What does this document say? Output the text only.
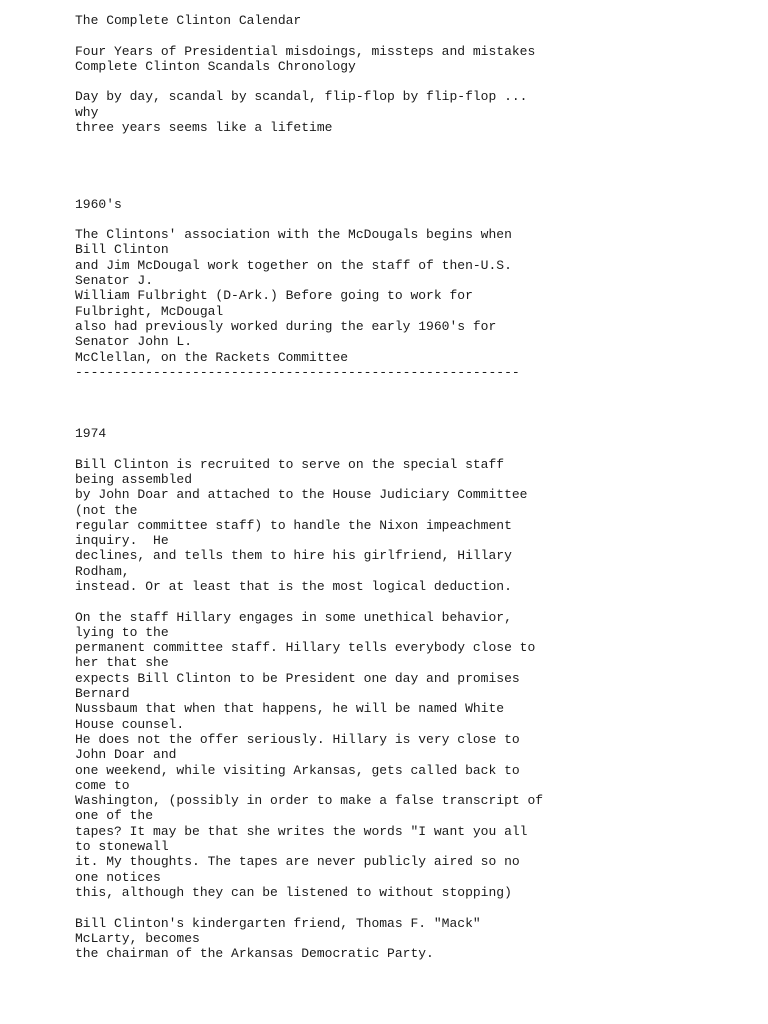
The Complete Clinton Calendar
Four Years of Presidential misdoings, missteps and mistakes
Complete Clinton Scandals Chronology
Day by day, scandal by scandal, flip-flop by flip-flop ...
why
three years seems like a lifetime
1960's
The Clintons' association with the McDougals begins when
Bill Clinton
and Jim McDougal work together on the staff of then-U.S.
Senator J.
William Fulbright (D-Ark.) Before going to work for
Fulbright, McDougal
also had previously worked during the early 1960's for
Senator John L.
McClellan, on the Rackets Committee
---------------------------------------------------------
1974
Bill Clinton is recruited to serve on the special staff
being assembled
by John Doar and attached to the House Judiciary Committee
(not the
regular committee staff) to handle the Nixon impeachment
inquiry.  He
declines, and tells them to hire his girlfriend, Hillary
Rodham,
instead. Or at least that is the most logical deduction.
On the staff Hillary engages in some unethical behavior,
lying to the
permanent committee staff. Hillary tells everybody close to
her that she
expects Bill Clinton to be President one day and promises
Bernard
Nussbaum that when that happens, he will be named White
House counsel.
He does not the offer seriously. Hillary is very close to
John Doar and
one weekend, while visiting Arkansas, gets called back to
come to
Washington, (possibly in order to make a false transcript of
one of the
tapes? It may be that she writes the words "I want you all
to stonewall
it. My thoughts. The tapes are never publicly aired so no
one notices
this, although they can be listened to without stopping)
Bill Clinton's kindergarten friend, Thomas F. "Mack"
McLarty, becomes
the chairman of the Arkansas Democratic Party.
